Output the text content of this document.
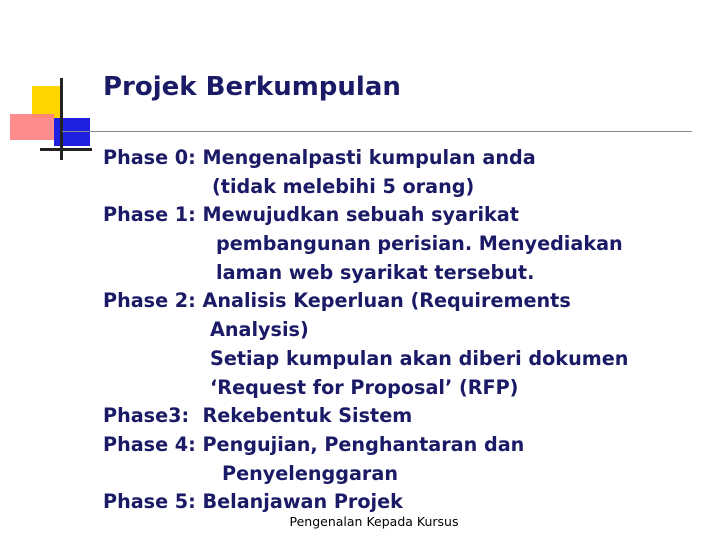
Projek Berkumpulan
Phase 0: Mengenalpasti kumpulan anda
(tidak melebihi 5 orang)
Phase 1: Mewujudkan sebuah syarikat
pembangunan perisian. Menyediakan
laman web syarikat tersebut.
Phase 2: Analisis Keperluan (Requirements
Analysis)
Setiap kumpulan akan diberi dokumen
‘Request for Proposal’ (RFP)
Phase3:  Rekebentuk Sistem
Phase 4: Pengujian, Penghantaran dan
Penyelenggaran
Phase 5: Belanjawan Projek
Pengenalan Kepada Kursus
